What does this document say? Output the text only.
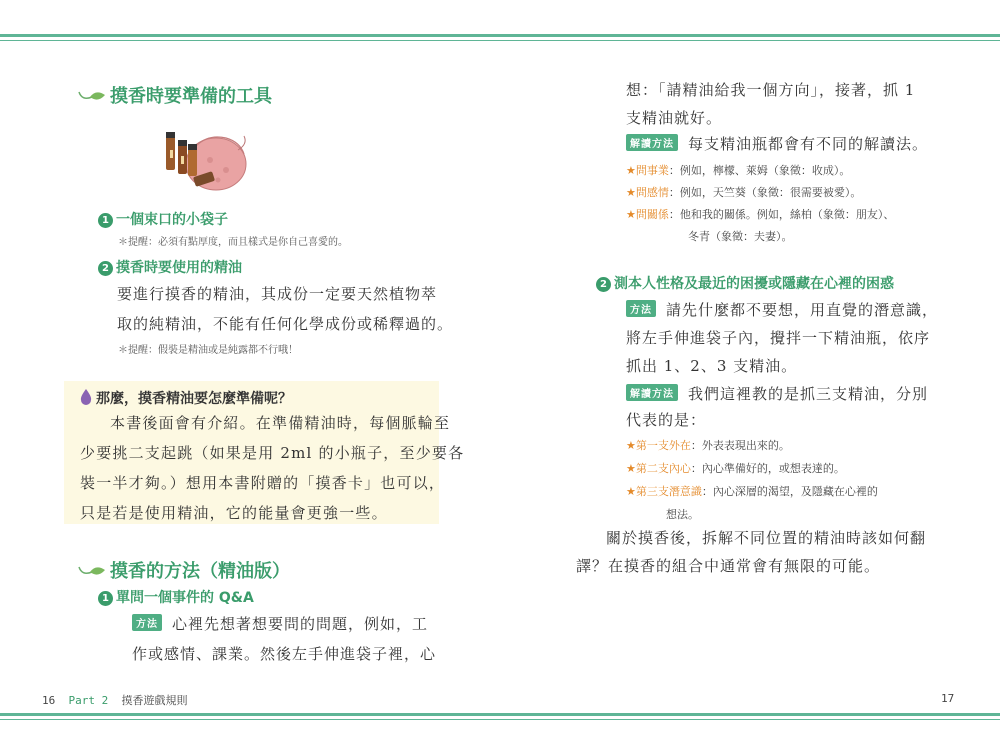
摸香時要準備的工具
1 一個束口的小袋子
＊提醒：必須有點厚度，而且樣式是你自己喜愛的。
2 摸香時要使用的精油
要進行摸香的精油，其成份一定要天然植物萃
取的純精油，不能有任何化學成份或稀釋過的。
＊提醒：假裝是精油或是純露都不行哦！
那麼，摸香精油要怎麼準備呢？
本書後面會有介紹。在準備精油時，每個脈輪至
少要挑二支起跳（如果是用 2ml 的小瓶子，至少要各
裝一半才夠。）想用本書附贈的「摸香卡」也可以，
只是若是使用精油，它的能量會更強一些。
摸香的方法（精油版）
1 單問一個事件的 Q&A
方法 心裡先想著想要問的問題，例如，工
作或感情、課業。然後左手伸進袋子裡，心
16 Part 2 摸香遊戲規則
想：「請精油給我一個方向」，接著，抓 1
支精油就好。
解讀方法 每支精油瓶都會有不同的解讀法。
★問事業：例如，檸檬、萊姆（象徵：收成）。
★問感情：例如，天竺葵（象徵：很需要被愛）。
★問關係：他和我的關係。例如，絲柏（象徵：朋友）、
冬青（象徵：夫妻）。
2 測本人性格及最近的困擾或隱藏在心裡的困惑
方法 請先什麼都不要想，用直覺的潛意識，
將左手伸進袋子內，攪拌一下精油瓶，依序
抓出 1、2、3 支精油。
解讀方法 我們這裡教的是抓三支精油，分別
代表的是：
★第一支外在：外表表現出來的。
★第二支內心：內心準備好的，或想表達的。
★第三支潛意識：內心深層的渴望，及隱藏在心裡的
想法。
關於摸香後，拆解不同位置的精油時該如何翻
譯？在摸香的組合中通常會有無限的可能。
17
